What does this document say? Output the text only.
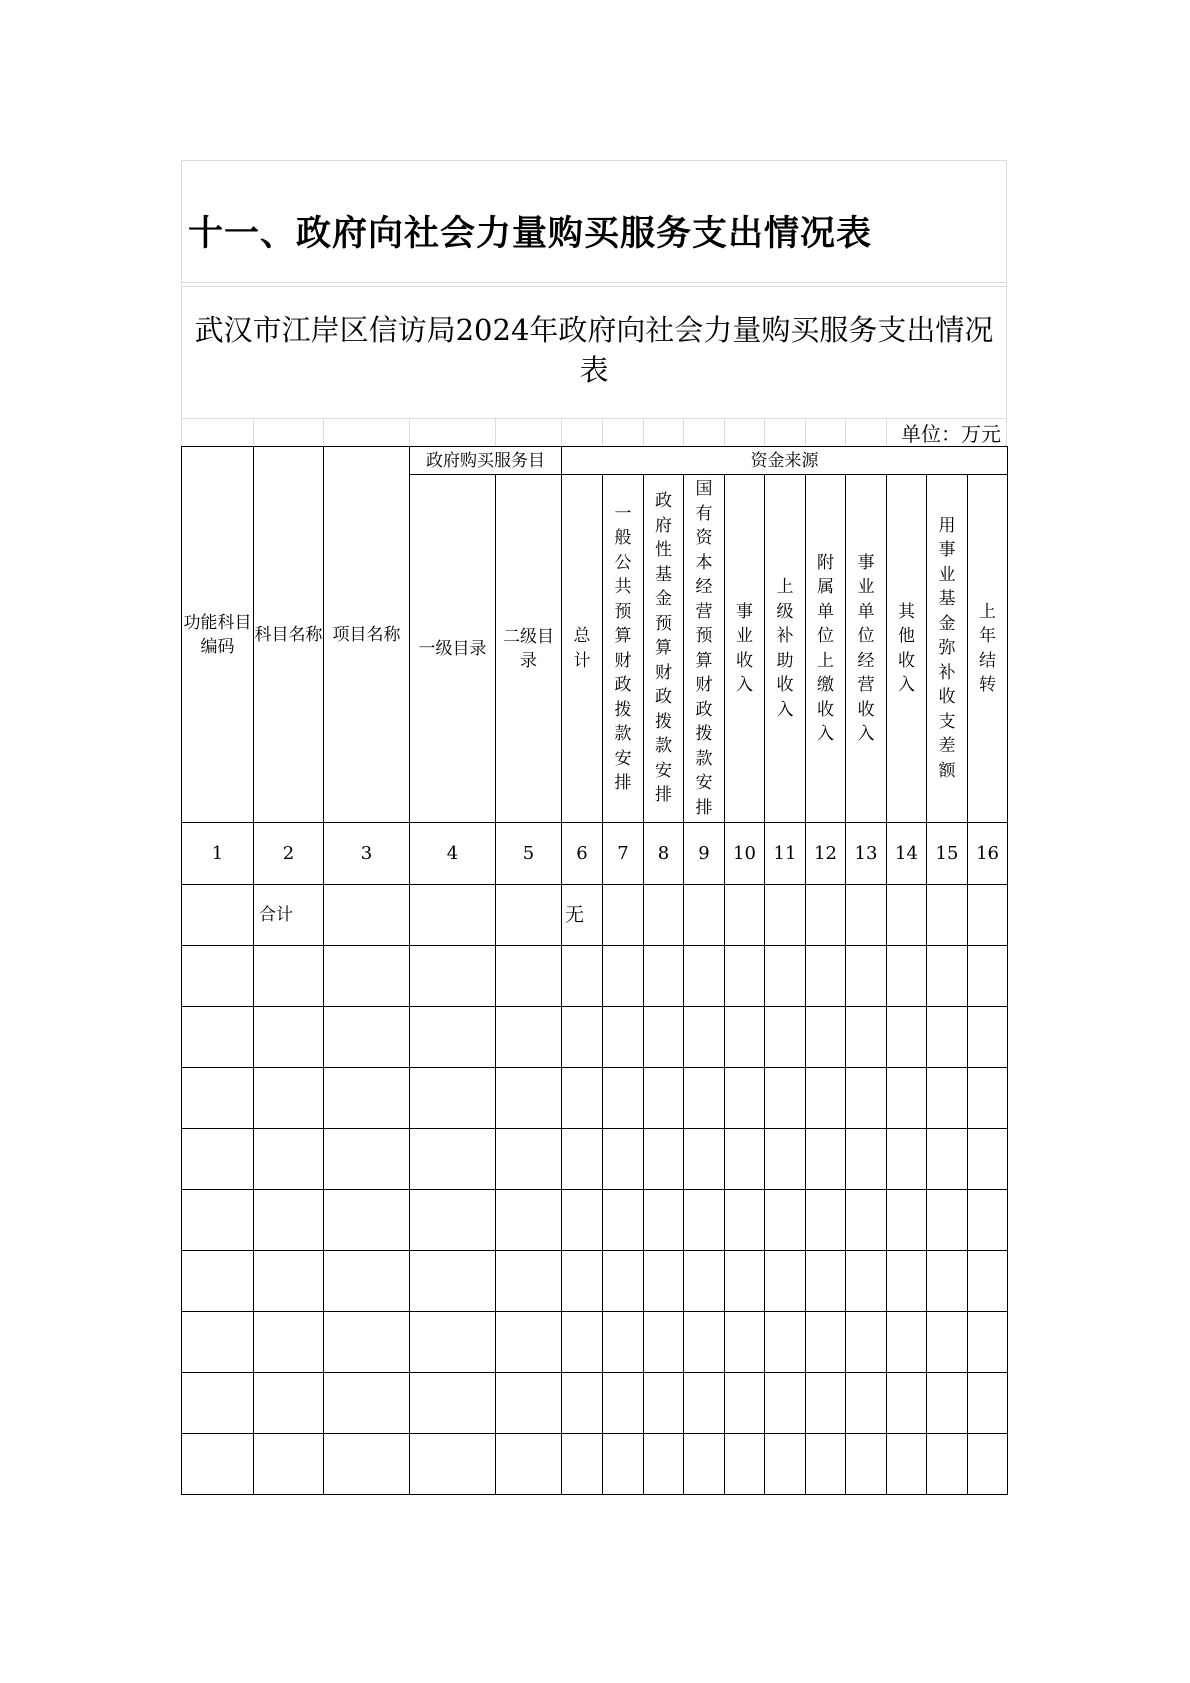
十一、政府向社会力量购买服务支出情况表
武汉市江岸区信访局2024年政府向社会力量购买服务支出情况表
单位：万元
功能科目编码	科目名称	项目名称	政府购买服务目		资金来源										
			一级目录	二级目录	总计	一般公共预算财政拨款安排	政府性基金预算财政拨款安排	国有资本经营预算财政拨款安排	事业收入	上级补助收入	附属单位上缴收入	事业单位经营收入	其他收入	用事业基金弥补收支差额	上年结转
1	2	3	4	5	6	7	8	9	10	11	12	13	14	15	16
	合计				无										
